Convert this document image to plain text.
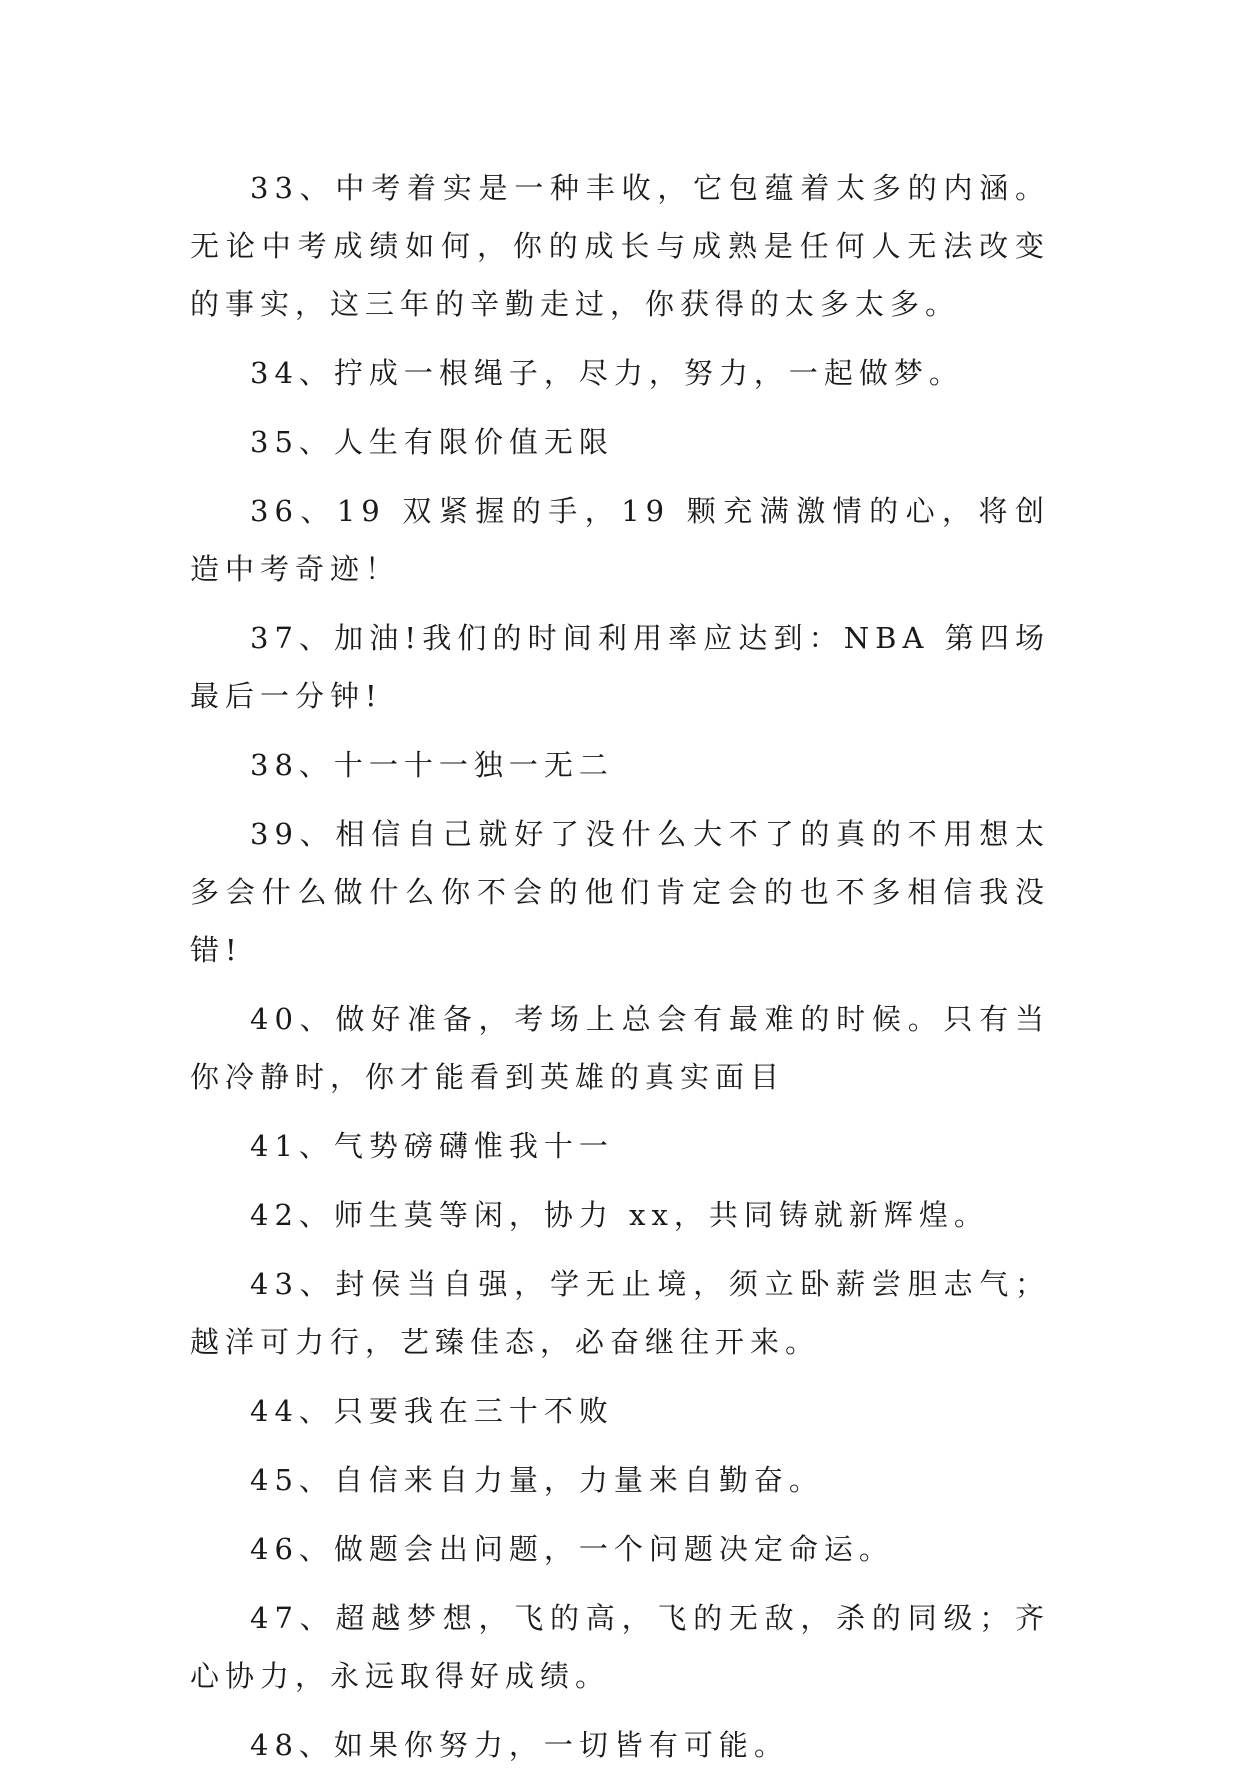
33、中考着实是一种丰收，它包蕴着太多的内涵。无论中考成绩如何，你的成长与成熟是任何人无法改变的事实，这三年的辛勤走过，你获得的太多太多。

34、拧成一根绳子，尽力，努力，一起做梦。

35、人生有限价值无限

36、19 双紧握的手，19 颗充满激情的心，将创造中考奇迹！

37、加油!我们的时间利用率应达到：NBA 第四场最后一分钟!

38、十一十一独一无二

39、相信自己就好了没什么大不了的真的不用想太多会什么做什么你不会的他们肯定会的也不多相信我没错!

40、做好准备，考场上总会有最难的时候。只有当你冷静时，你才能看到英雄的真实面目

41、气势磅礴惟我十一

42、师生莫等闲，协力 xx，共同铸就新辉煌。

43、封侯当自强，学无止境，须立卧薪尝胆志气；越洋可力行，艺臻佳态，必奋继往开来。

44、只要我在三十不败

45、自信来自力量，力量来自勤奋。

46、做题会出问题，一个问题决定命运。

47、超越梦想，飞的高，飞的无敌，杀的同级；齐心协力，永远取得好成绩。

48、如果你努力，一切皆有可能。
